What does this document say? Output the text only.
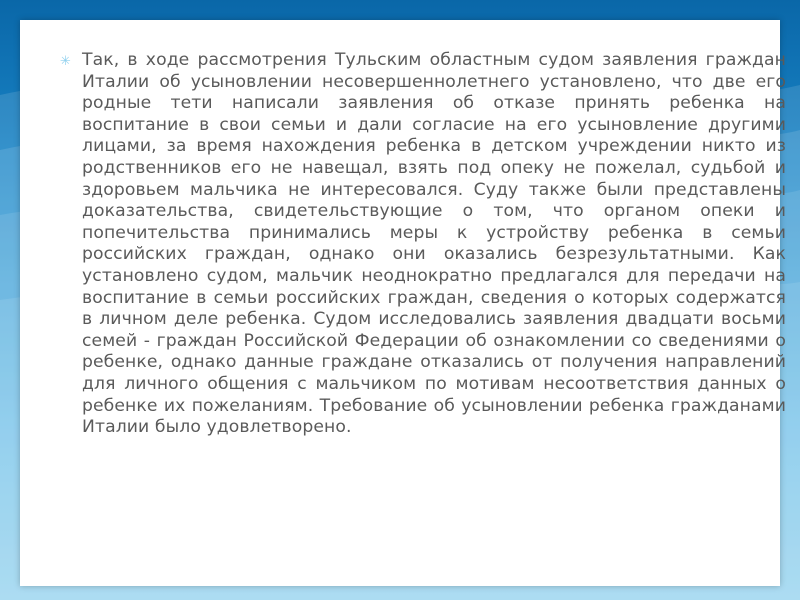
✳ Так, в ходе рассмотрения Тульским областным судом заявления граждан Италии об усыновлении несовершеннолетнего установлено, что две его родные тети написали заявления об отказе принять ребенка на воспитание в свои семьи и дали согласие на его усыновление другими лицами, за время нахождения ребенка в детском учреждении никто из родственников его не навещал, взять под опеку не пожелал, судьбой и здоровьем мальчика не интересовался. Суду также были представлены доказательства, свидетельствующие о том, что органом опеки и попечительства принимались меры к устройству ребенка в семьи российских граждан, однако они оказались безрезультатными. Как установлено судом, мальчик неоднократно предлагался для передачи на воспитание в семьи российских граждан, сведения о которых содержатся в личном деле ребенка. Судом исследовались заявления двадцати восьми семей - граждан Российской Федерации об ознакомлении со сведениями о ребенке, однако данные граждане отказались от получения направлений для личного общения с мальчиком по мотивам несоответствия данных о ребенке их пожеланиям. Требование об усыновлении ребенка гражданами Италии было удовлетворено.
